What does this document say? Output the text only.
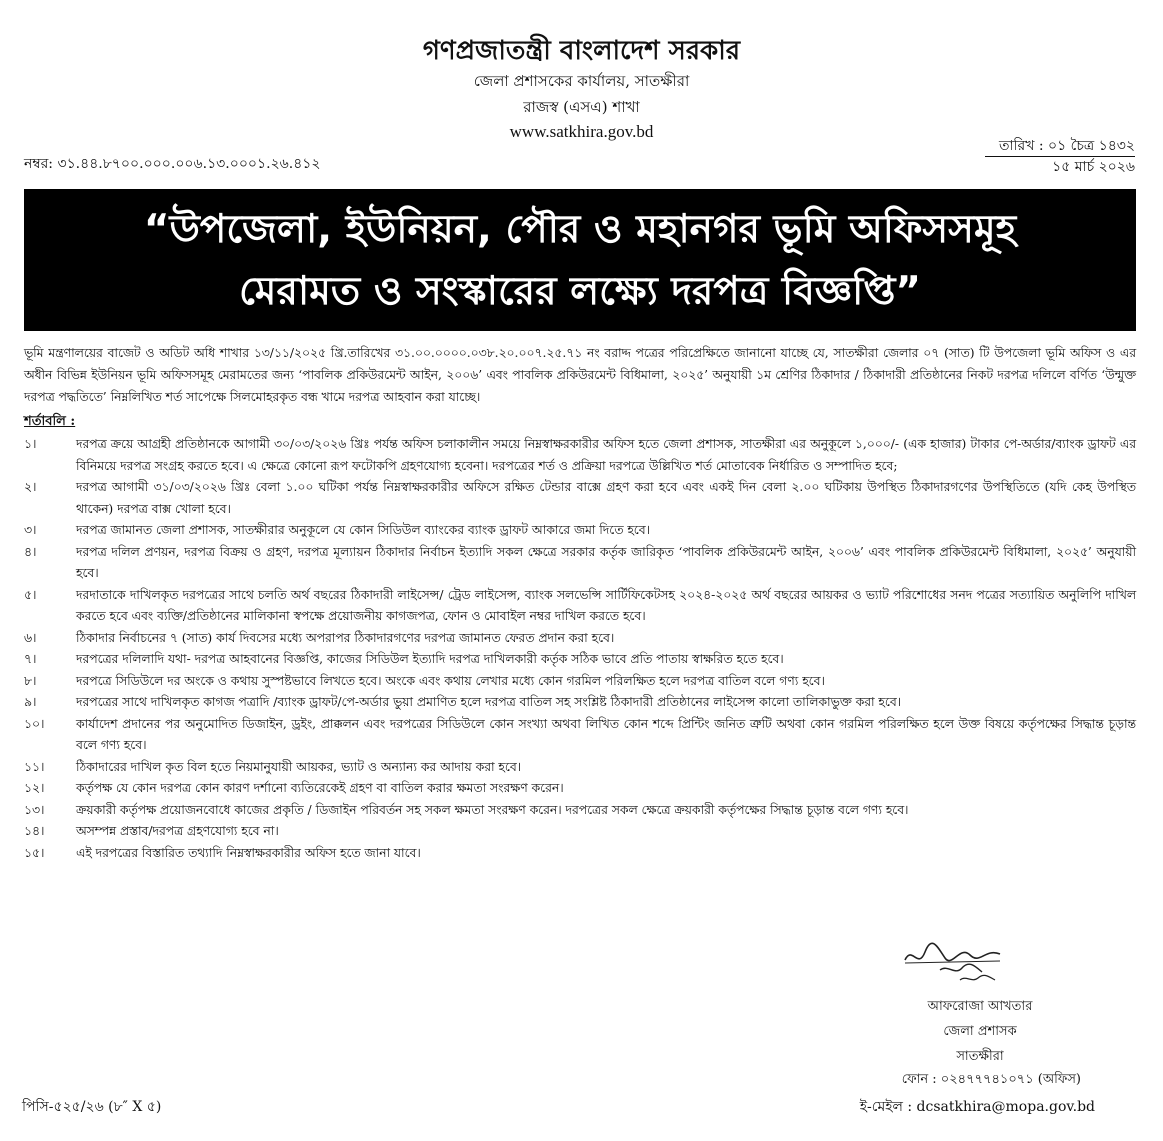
গণপ্রজাতন্ত্রী বাংলাদেশ সরকার
জেলা প্রশাসকের কার্যালয়, সাতক্ষীরা
রাজস্ব (এসএ) শাখা
www.satkhira.gov.bd
নম্বর: ৩১.৪৪.৮৭০০.০০০.০০৬.১৩.০০০১.২৬.৪১২
তারিখ : ০১ চৈত্র ১৪৩২
১৫ মার্চ ২০২৬
“উপজেলা, ইউনিয়ন, পৌর ও মহানগর ভূমি অফিসসমূহ
মেরামত ও সংস্কারের লক্ষ্যে দরপত্র বিজ্ঞপ্তি”
ভূমি মন্ত্রণালয়ের বাজেট ও অডিট অধি শাখার ১৩/১১/২০২৫ খ্রি.তারিখের ৩১.০০.০০০০.০৩৮.২০.০০৭.২৫.৭১ নং বরাদ্দ পত্রের পরিপ্রেক্ষিতে জানানো যাচ্ছে যে, সাতক্ষীরা জেলার ০৭ (সাত) টি উপজেলা ভূমি অফিস ও এর অধীন বিভিন্ন ইউনিয়ন ভূমি অফিসসমূহ মেরামতের জন্য ‘পাবলিক প্রকিউরমেন্ট আইন, ২০০৬’ এবং পাবলিক প্রকিউরমেন্ট বিধিমালা, ২০২৫’ অনুযায়ী ১ম শ্রেণির ঠিকাদার / ঠিকাদারী প্রতিষ্ঠানের নিকট দরপত্র দলিলে বর্ণিত ‘উন্মুক্ত দরপত্র পদ্ধতিতে’ নিম্নলিখিত শর্ত সাপেক্ষে সিলমোহরকৃত বন্ধ খামে দরপত্র আহবান করা যাচ্ছে।
শর্তাবলি :
১।	দরপত্র ক্রয়ে আগ্রহী প্রতিষ্ঠানকে আগামী ৩০/০৩/২০২৬ খ্রিঃ পর্যন্ত অফিস চলাকালীন সময়ে নিম্নস্বাক্ষরকারীর অফিস হতে জেলা প্রশাসক, সাতক্ষীরা এর অনুকূলে ১,০০০/- (এক হাজার) টাকার পে-অর্ডার/ব্যাংক ড্রাফট এর বিনিময়ে দরপত্র সংগ্রহ করতে হবে। এ ক্ষেত্রে কোনো রূপ ফটোকপি গ্রহণযোগ্য হবেনা। দরপত্রের শর্ত ও প্রক্রিয়া দরপত্রে উল্লিখিত শর্ত মোতাবেক নির্ধারিত ও সম্পাদিত হবে;
২।	দরপত্র আগামী ৩১/০৩/২০২৬ খ্রিঃ বেলা ১.০০ ঘটিকা পর্যন্ত নিম্নস্বাক্ষরকারীর অফিসে রক্ষিত টেন্ডার বাক্সে গ্রহণ করা হবে এবং একই দিন বেলা ২.০০ ঘটিকায় উপস্থিত ঠিকাদারগণের উপস্থিতিতে (যদি কেহ উপস্থিত থাকেন) দরপত্র বাক্স খোলা হবে।
৩।	দরপত্র জামানত জেলা প্রশাসক, সাতক্ষীরার অনুকূলে যে কোন সিডিউল ব্যাংকের ব্যাংক ড্রাফট আকারে জমা দিতে হবে।
৪।	দরপত্র দলিল প্রণয়ন, দরপত্র বিক্রয় ও গ্রহণ, দরপত্র মূল্যায়ন ঠিকাদার নির্বাচন ইত্যাদি সকল ক্ষেত্রে সরকার কর্তৃক জারিকৃত ‘পাবলিক প্রকিউরমেন্ট আইন, ২০০৬’ এবং পাবলিক প্রকিউরমেন্ট বিধিমালা, ২০২৫’ অনুযায়ী হবে।
৫।	দরদাতাকে দাখিলকৃত দরপত্রের সাথে চলতি অর্থ বছরের ঠিকাদারী লাইসেন্স/ ট্রেড লাইসেন্স, ব্যাংক সলভেন্সি সার্টিফিকেটসহ ২০২৪-২০২৫ অর্থ বছরের আয়কর ও ভ্যাট পরিশোধের সনদ পত্রের সত্যায়িত অনুলিপি দাখিল করতে হবে এবং ব্যক্তি/প্রতিষ্ঠানের মালিকানা স্বপক্ষে প্রয়োজনীয় কাগজপত্র, ফোন ও মোবাইল নম্বর দাখিল করতে হবে।
৬।	ঠিকাদার নির্বাচনের ৭ (সাত) কার্য দিবসের মধ্যে অপরাপর ঠিকাদারগণের দরপত্র জামানত ফেরত প্রদান করা হবে।
৭।	দরপত্রের দলিলাদি যথা- দরপত্র আহবানের বিজ্ঞপ্তি, কাজের সিডিউল ইত্যাদি দরপত্র দাখিলকারী কর্তৃক সঠিক ভাবে প্রতি পাতায় স্বাক্ষরিত হতে হবে।
৮।	দরপত্রে সিডিউলে দর অংকে ও কথায় সুস্পষ্টভাবে লিখতে হবে। অংকে এবং কথায় লেখার মধ্যে কোন গরমিল পরিলক্ষিত হলে দরপত্র বাতিল বলে গণ্য হবে।
৯।	দরপত্রের সাথে দাখিলকৃত কাগজ পত্রাদি /ব্যাংক ড্রাফট/পে-অর্ডার ভুয়া প্রমাণিত হলে দরপত্র বাতিল সহ সংশ্লিষ্ট ঠিকাদারী প্রতিষ্ঠানের লাইসেন্স কালো তালিকাভুক্ত করা হবে।
১০।	কার্যাদেশ প্রদানের পর অনুমোদিত ডিজাইন, ড্রইং, প্রাক্কলন এবং দরপত্রের সিডিউলে কোন সংখ্যা অথবা লিখিত কোন শব্দে প্রিন্টিং জনিত ত্রুটি অথবা কোন গরমিল পরিলক্ষিত হলে উক্ত বিষয়ে কর্তৃপক্ষের সিদ্ধান্ত চূড়ান্ত বলে গণ্য হবে।
১১।	ঠিকাদারের দাখিল কৃত বিল হতে নিয়মানুযায়ী আয়কর, ভ্যাট ও অন্যান্য কর আদায় করা হবে।
১২।	কর্তৃপক্ষ যে কোন দরপত্র কোন কারণ দর্শানো ব্যতিরেকেই গ্রহণ বা বাতিল করার ক্ষমতা সংরক্ষণ করেন।
১৩।	ক্রয়কারী কর্তৃপক্ষ প্রয়োজনবোধে কাজের প্রকৃতি / ডিজাইন পরিবর্তন সহ সকল ক্ষমতা সংরক্ষণ করেন। দরপত্রের সকল ক্ষেত্রে ক্রয়কারী কর্তৃপক্ষের সিদ্ধান্ত চূড়ান্ত বলে গণ্য হবে।
১৪।	অসম্পন্ন প্রস্তাব/দরপত্র গ্রহণযোগ্য হবে না।
১৫।	এই দরপত্রের বিস্তারিত তথ্যাদি নিম্নস্বাক্ষরকারীর অফিস হতে জানা যাবে।
আফরোজা আখতার
জেলা প্রশাসক
সাতক্ষীরা
ফোন : ০২৪৭৭৭৪১০৭১ (অফিস)
ই-মেইল : dcsatkhira@mopa.gov.bd
পিসি-৫২৫/২৬ (৮″ X ৫)
